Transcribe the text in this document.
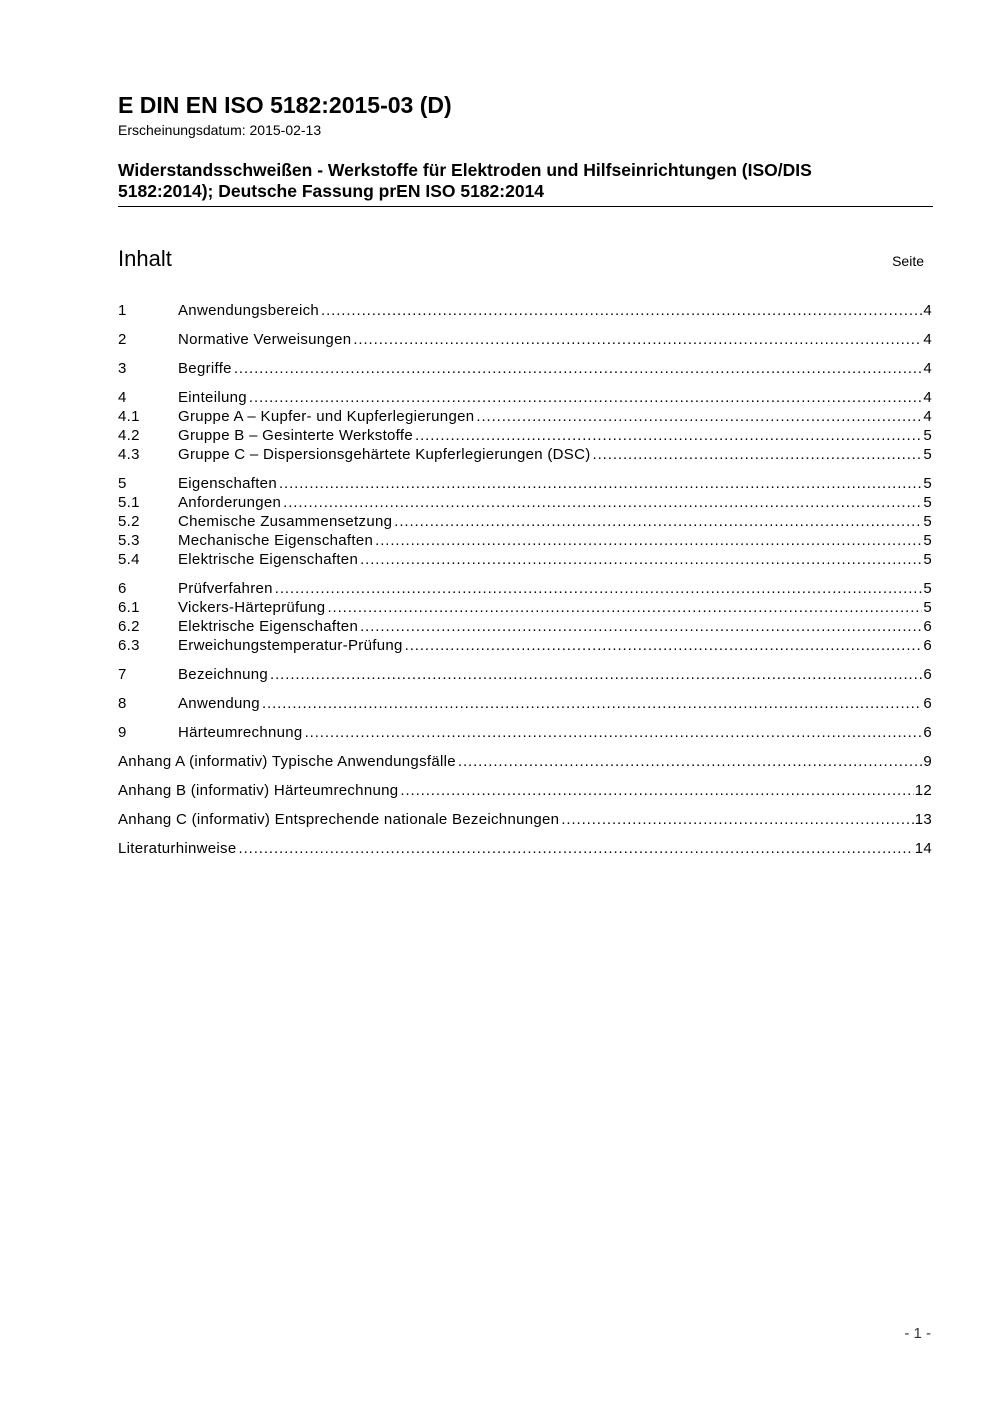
E DIN EN ISO 5182:2015-03 (D)
Erscheinungsdatum: 2015-02-13
Widerstandsschweißen - Werkstoffe für Elektroden und Hilfseinrichtungen (ISO/DIS
5182:2014); Deutsche Fassung prEN ISO 5182:2014
Inhalt	Seite
1	Anwendungsbereich .....	4
2	Normative Verweisungen .....	4
3	Begriffe .....	4
4	Einteilung .....	4
4.1	Gruppe A – Kupfer- und Kupferlegierungen .....	4
4.2	Gruppe B – Gesinterte Werkstoffe .....	5
4.3	Gruppe C – Dispersionsgehärtete Kupferlegierungen (DSC) .....	5
5	Eigenschaften .....	5
5.1	Anforderungen .....	5
5.2	Chemische Zusammensetzung .....	5
5.3	Mechanische Eigenschaften .....	5
5.4	Elektrische Eigenschaften .....	5
6	Prüfverfahren .....	5
6.1	Vickers-Härteprüfung .....	5
6.2	Elektrische Eigenschaften .....	6
6.3	Erweichungstemperatur-Prüfung .....	6
7	Bezeichnung .....	6
8	Anwendung .....	6
9	Härteumrechnung .....	6
Anhang A (informativ) Typische Anwendungsfälle .....	9
Anhang B (informativ) Härteumrechnung .....	12
Anhang C (informativ) Entsprechende nationale Bezeichnungen .....	13
Literaturhinweise .....	14
- 1 -
